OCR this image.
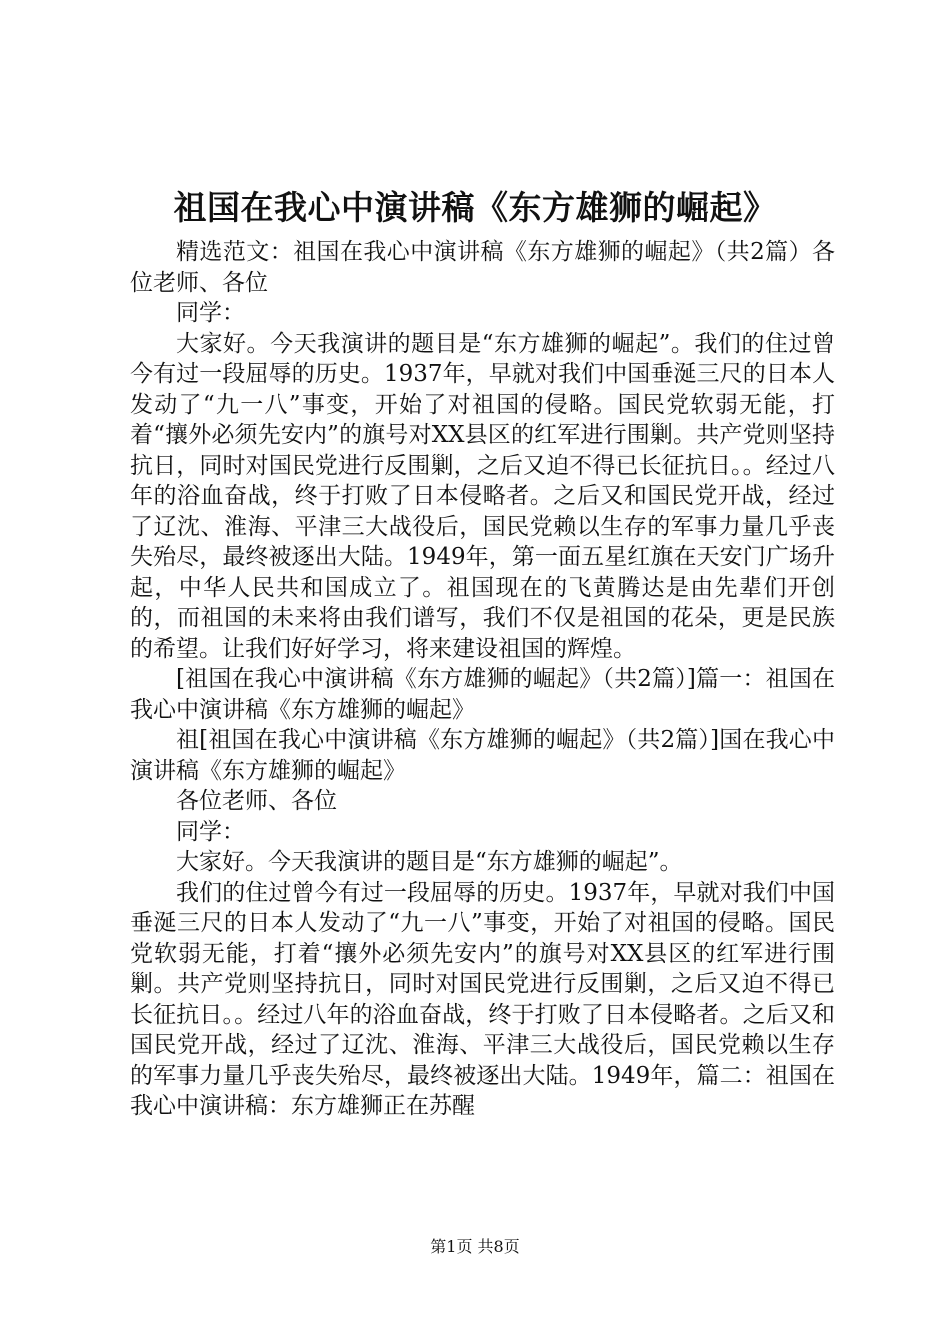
祖国在我心中演讲稿《东方雄狮的崛起》

精选范文：祖国在我心中演讲稿《东方雄狮的崛起》（共2篇）各位老师、各位

同学：

大家好。今天我演讲的题目是“东方雄狮的崛起”。我们的住过曾今有过一段屈辱的历史。1937年，早就对我们中国垂涎三尺的日本人发动了“九一八”事变，开始了对祖国的侵略。国民党软弱无能，打着“攘外必须先安内”的旗号对XX县区的红军进行围剿。共产党则坚持抗日，同时对国民党进行反围剿，之后又迫不得已长征抗日。。经过八年的浴血奋战，终于打败了日本侵略者。之后又和国民党开战，经过了辽沈、淮海、平津三大战役后，国民党赖以生存的军事力量几乎丧失殆尽，最终被逐出大陆。1949年，第一面五星红旗在天安门广场升起，中华人民共和国成立了。祖国现在的飞黄腾达是由先辈们开创的，而祖国的未来将由我们谱写，我们不仅是祖国的花朵，更是民族的希望。让我们好好学习，将来建设祖国的辉煌。

[祖国在我心中演讲稿《东方雄狮的崛起》（共2篇）]篇一：祖国在我心中演讲稿《东方雄狮的崛起》

祖[祖国在我心中演讲稿《东方雄狮的崛起》（共2篇）]国在我心中演讲稿《东方雄狮的崛起》

各位老师、各位

同学：

大家好。今天我演讲的题目是“东方雄狮的崛起”。

我们的住过曾今有过一段屈辱的历史。1937年，早就对我们中国垂涎三尺的日本人发动了“九一八”事变，开始了对祖国的侵略。国民党软弱无能，打着“攘外必须先安内”的旗号对XX县区的红军进行围剿。共产党则坚持抗日，同时对国民党进行反围剿，之后又迫不得已长征抗日。。经过八年的浴血奋战，终于打败了日本侵略者。之后又和国民党开战，经过了辽沈、淮海、平津三大战役后，国民党赖以生存的军事力量几乎丧失殆尽，最终被逐出大陆。1949年，篇二：祖国在我心中演讲稿：东方雄狮正在苏醒

第1页 共8页
